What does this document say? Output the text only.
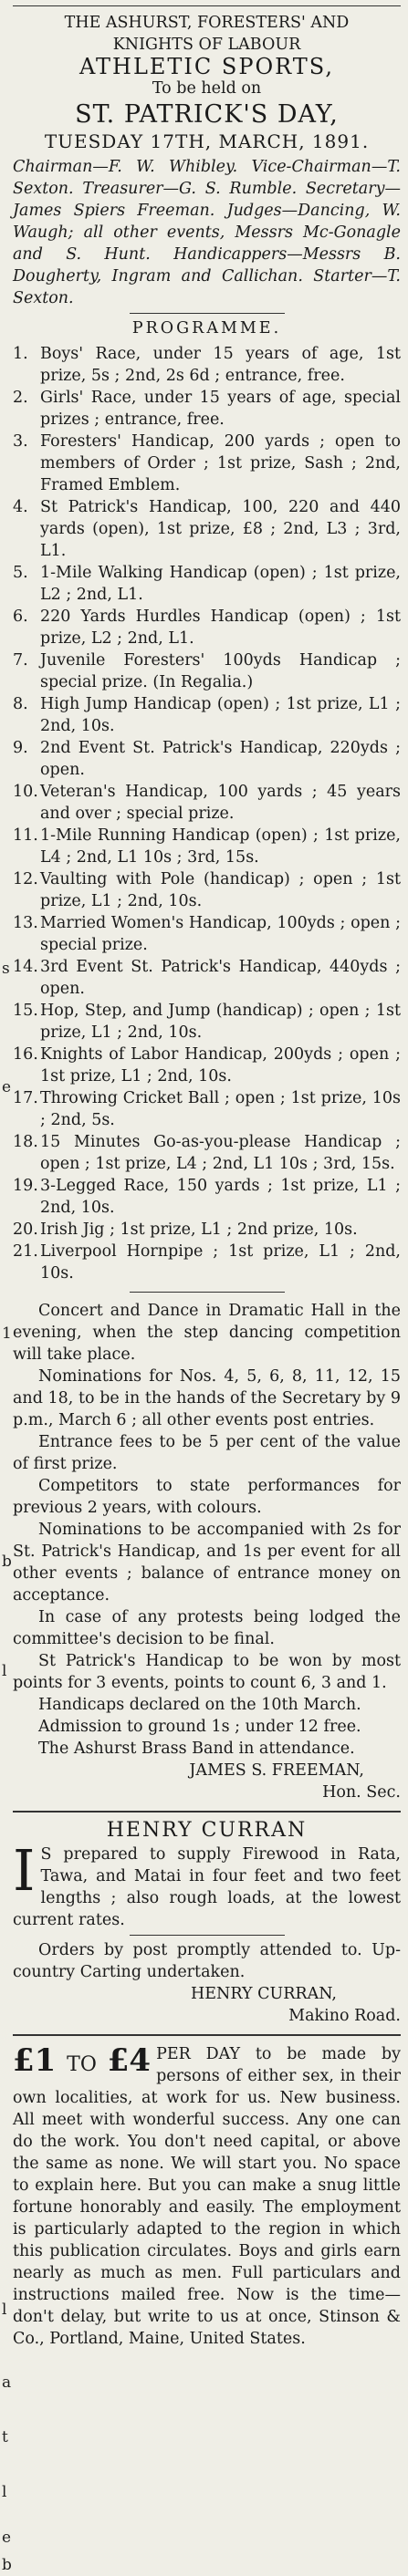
s
e
1
b
l
l
a
t
l
e
b
THE ASHURST, FORESTERS' AND
KNIGHTS OF LABOUR
ATHLETIC SPORTS,
To be held on
ST. PATRICK'S DAY,
TUESDAY 17TH, MARCH, 1891.
Chairman—F. W. Whibley. Vice-Chairman—T. Sexton. Treasurer—G. S. Rumble. Secretary—James Spiers Freeman. Judges—Dancing, W. Waugh; all other events, Messrs Mc-Gonagle and S. Hunt. Handicappers—Messrs B. Dougherty, Ingram and Callichan. Starter—T. Sexton.
PROGRAMME.
1. Boys' Race, under 15 years of age, 1st prize, 5s ; 2nd, 2s 6d ; entrance, free.
2. Girls' Race, under 15 years of age, special prizes ; entrance, free.
3. Foresters' Handicap, 200 yards ; open to members of Order ; 1st prize, Sash ; 2nd, Framed Emblem.
4. St Patrick's Handicap, 100, 220 and 440 yards (open), 1st prize, £8 ; 2nd, L3 ; 3rd, L1.
5. 1-Mile Walking Handicap (open) ; 1st prize, L2 ; 2nd, L1.
6. 220 Yards Hurdles Handicap (open) ; 1st prize, L2 ; 2nd, L1.
7. Juvenile Foresters' 100yds Handicap ; special prize. (In Regalia.)
8. High Jump Handicap (open) ; 1st prize, L1 ; 2nd, 10s.
9. 2nd Event St. Patrick's Handicap, 220yds ; open.
10. Veteran's Handicap, 100 yards ; 45 years and over ; special prize.
11. 1-Mile Running Handicap (open) ; 1st prize, L4 ; 2nd, L1 10s ; 3rd, 15s.
12. Vaulting with Pole (handicap) ; open ; 1st prize, L1 ; 2nd, 10s.
13. Married Women's Handicap, 100yds ; open ; special prize.
14. 3rd Event St. Patrick's Handicap, 440yds ; open.
15. Hop, Step, and Jump (handicap) ; open ; 1st prize, L1 ; 2nd, 10s.
16. Knights of Labor Handicap, 200yds ; open ; 1st prize, L1 ; 2nd, 10s.
17. Throwing Cricket Ball ; open ; 1st prize, 10s ; 2nd, 5s.
18. 15 Minutes Go-as-you-please Handicap ; open ; 1st prize, L4 ; 2nd, L1 10s ; 3rd, 15s.
19. 3-Legged Race, 150 yards ; 1st prize, L1 ; 2nd, 10s.
20. Irish Jig ; 1st prize, L1 ; 2nd prize, 10s.
21. Liverpool Hornpipe ; 1st prize, L1 ; 2nd, 10s.
Concert and Dance in Dramatic Hall in the evening, when the step dancing competition will take place.
Nominations for Nos. 4, 5, 6, 8, 11, 12, 15 and 18, to be in the hands of the Secretary by 9 p.m., March 6 ; all other events post entries.
Entrance fees to be 5 per cent of the value of first prize.
Competitors to state performances for previous 2 years, with colours.
Nominations to be accompanied with 2s for St. Patrick's Handicap, and 1s per event for all other events ; balance of entrance money on acceptance.
In case of any protests being lodged the committee's decision to be final.
St Patrick's Handicap to be won by most points for 3 events, points to count 6, 3 and 1.
Handicaps declared on the 10th March.
Admission to ground 1s ; under 12 free.
The Ashurst Brass Band in attendance.
JAMES S. FREEMAN,
Hon. Sec.
HENRY CURRAN
I S prepared to supply Firewood in Rata, Tawa, and Matai in four feet and two feet lengths ; also rough loads, at the lowest current rates.
Orders by post promptly attended to. Up-country Carting undertaken.
HENRY CURRAN,
Makino Road.
£1 TO £4 PER DAY to be made by persons of either sex, in their own localities, at work for us. New business. All meet with wonderful success. Any one can do the work. You don't need capital, or above the same as none. We will start you. No space to explain here. But you can make a snug little fortune honorably and easily. The employment is particularly adapted to the region in which this publication circulates. Boys and girls earn nearly as much as men. Full particulars and instructions mailed free. Now is the time—don't delay, but write to us at once, Stinson & Co., Portland, Maine, United States.
